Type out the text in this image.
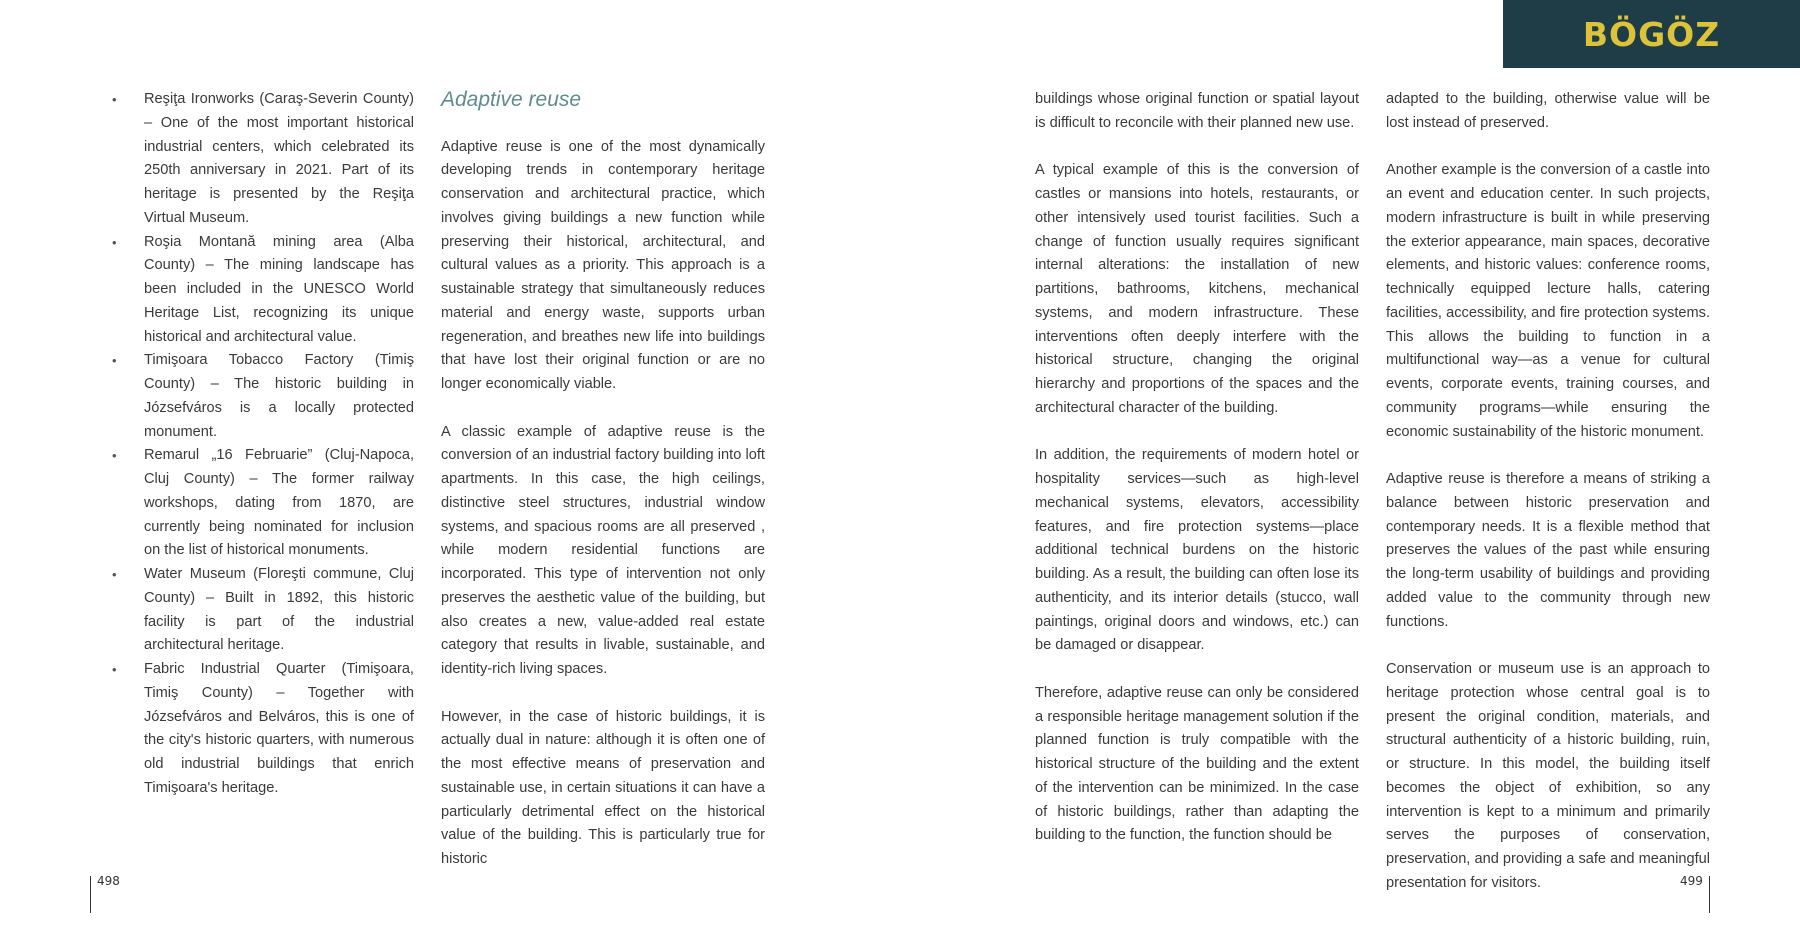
BÖGÖZ
• Reşiţa Ironworks (Caraş-Severin County) – One of the most important historical industrial centers, which celebrated its 250th anniversary in 2021. Part of its heritage is presented by the Reşiţa Virtual Museum.
• Roşia Montană mining area (Alba County) – The mining landscape has been included in the UNESCO World Heritage List, recognizing its unique historical and architectural value.
• Timişoara Tobacco Factory (Timiş County) – The historic building in Józsefváros is a locally protected monument.
• Remarul „16 Februarie” (Cluj-Napoca, Cluj County) – The former railway workshops, dating from 1870, are currently being nominated for inclusion on the list of historical monuments.
• Water Museum (Floreşti commune, Cluj County) – Built in 1892, this historic facility is part of the industrial architectural heritage.
• Fabric Industrial Quarter (Timişoara, Timiş County) – Together with Józsefváros and Belváros, this is one of the city's historic quarters, with numerous old industrial buildings that enrich Timişoara's heritage.
Adaptive reuse

Adaptive reuse is one of the most dynamically developing trends in contemporary heritage conservation and architectural practice, which involves giving buildings a new function while preserving their historical, architectural, and cultural values as a priority. This approach is a sustainable strategy that simultaneously reduces material and energy waste, supports urban regeneration, and breathes new life into buildings that have lost their original function or are no longer economically viable.

A classic example of adaptive reuse is the conversion of an industrial factory building into loft apartments. In this case, the high ceilings, distinctive steel structures, industrial window systems, and spacious rooms are all preserved , while modern residential functions are incorporated. This type of intervention not only preserves the aesthetic value of the building, but also creates a new, value-added real estate category that results in livable, sustainable, and identity-rich living spaces.

However, in the case of historic buildings, it is actually dual in nature: although it is often one of the most effective means of preservation and sustainable use, in certain situations it can have a particularly detrimental effect on the historical value of the building. This is particularly true for historic

buildings whose original function or spatial layout is difficult to reconcile with their planned new use.

A typical example of this is the conversion of castles or mansions into hotels, restaurants, or other intensively used tourist facilities. Such a change of function usually requires significant internal alterations: the installation of new partitions, bathrooms, kitchens, mechanical systems, and modern infrastructure. These interventions often deeply interfere with the historical structure, changing the original hierarchy and proportions of the spaces and the architectural character of the building.

In addition, the requirements of modern hotel or hospitality services—such as high-level mechanical systems, elevators, accessibility features, and fire protection systems—place additional technical burdens on the historic building. As a result, the building can often lose its authenticity, and its interior details (stucco, wall paintings, original doors and windows, etc.) can be damaged or disappear.

Therefore, adaptive reuse can only be considered a responsible heritage management solution if the planned function is truly compatible with the historical structure of the building and the extent of the intervention can be minimized. In the case of historic buildings, rather than adapting the building to the function, the function should be

adapted to the building, otherwise value will be lost instead of preserved.

Another example is the conversion of a castle into an event and education center. In such projects, modern infrastructure is built in while preserving the exterior appearance, main spaces, decorative elements, and historic values: conference rooms, technically equipped lecture halls, catering facilities, accessibility, and fire protection systems. This allows the building to function in a multifunctional way—as a venue for cultural events, corporate events, training courses, and community programs—while ensuring the economic sustainability of the historic monument.

Adaptive reuse is therefore a means of striking a balance between historic preservation and contemporary needs. It is a flexible method that preserves the values of the past while ensuring the long-term usability of buildings and providing added value to the community through new functions.

Conservation or museum use is an approach to heritage protection whose central goal is to present the original condition, materials, and structural authenticity of a historic building, ruin, or structure. In this model, the building itself becomes the object of exhibition, so any intervention is kept to a minimum and primarily serves the purposes of conservation, preservation, and providing a safe and meaningful presentation for visitors.

498	499
